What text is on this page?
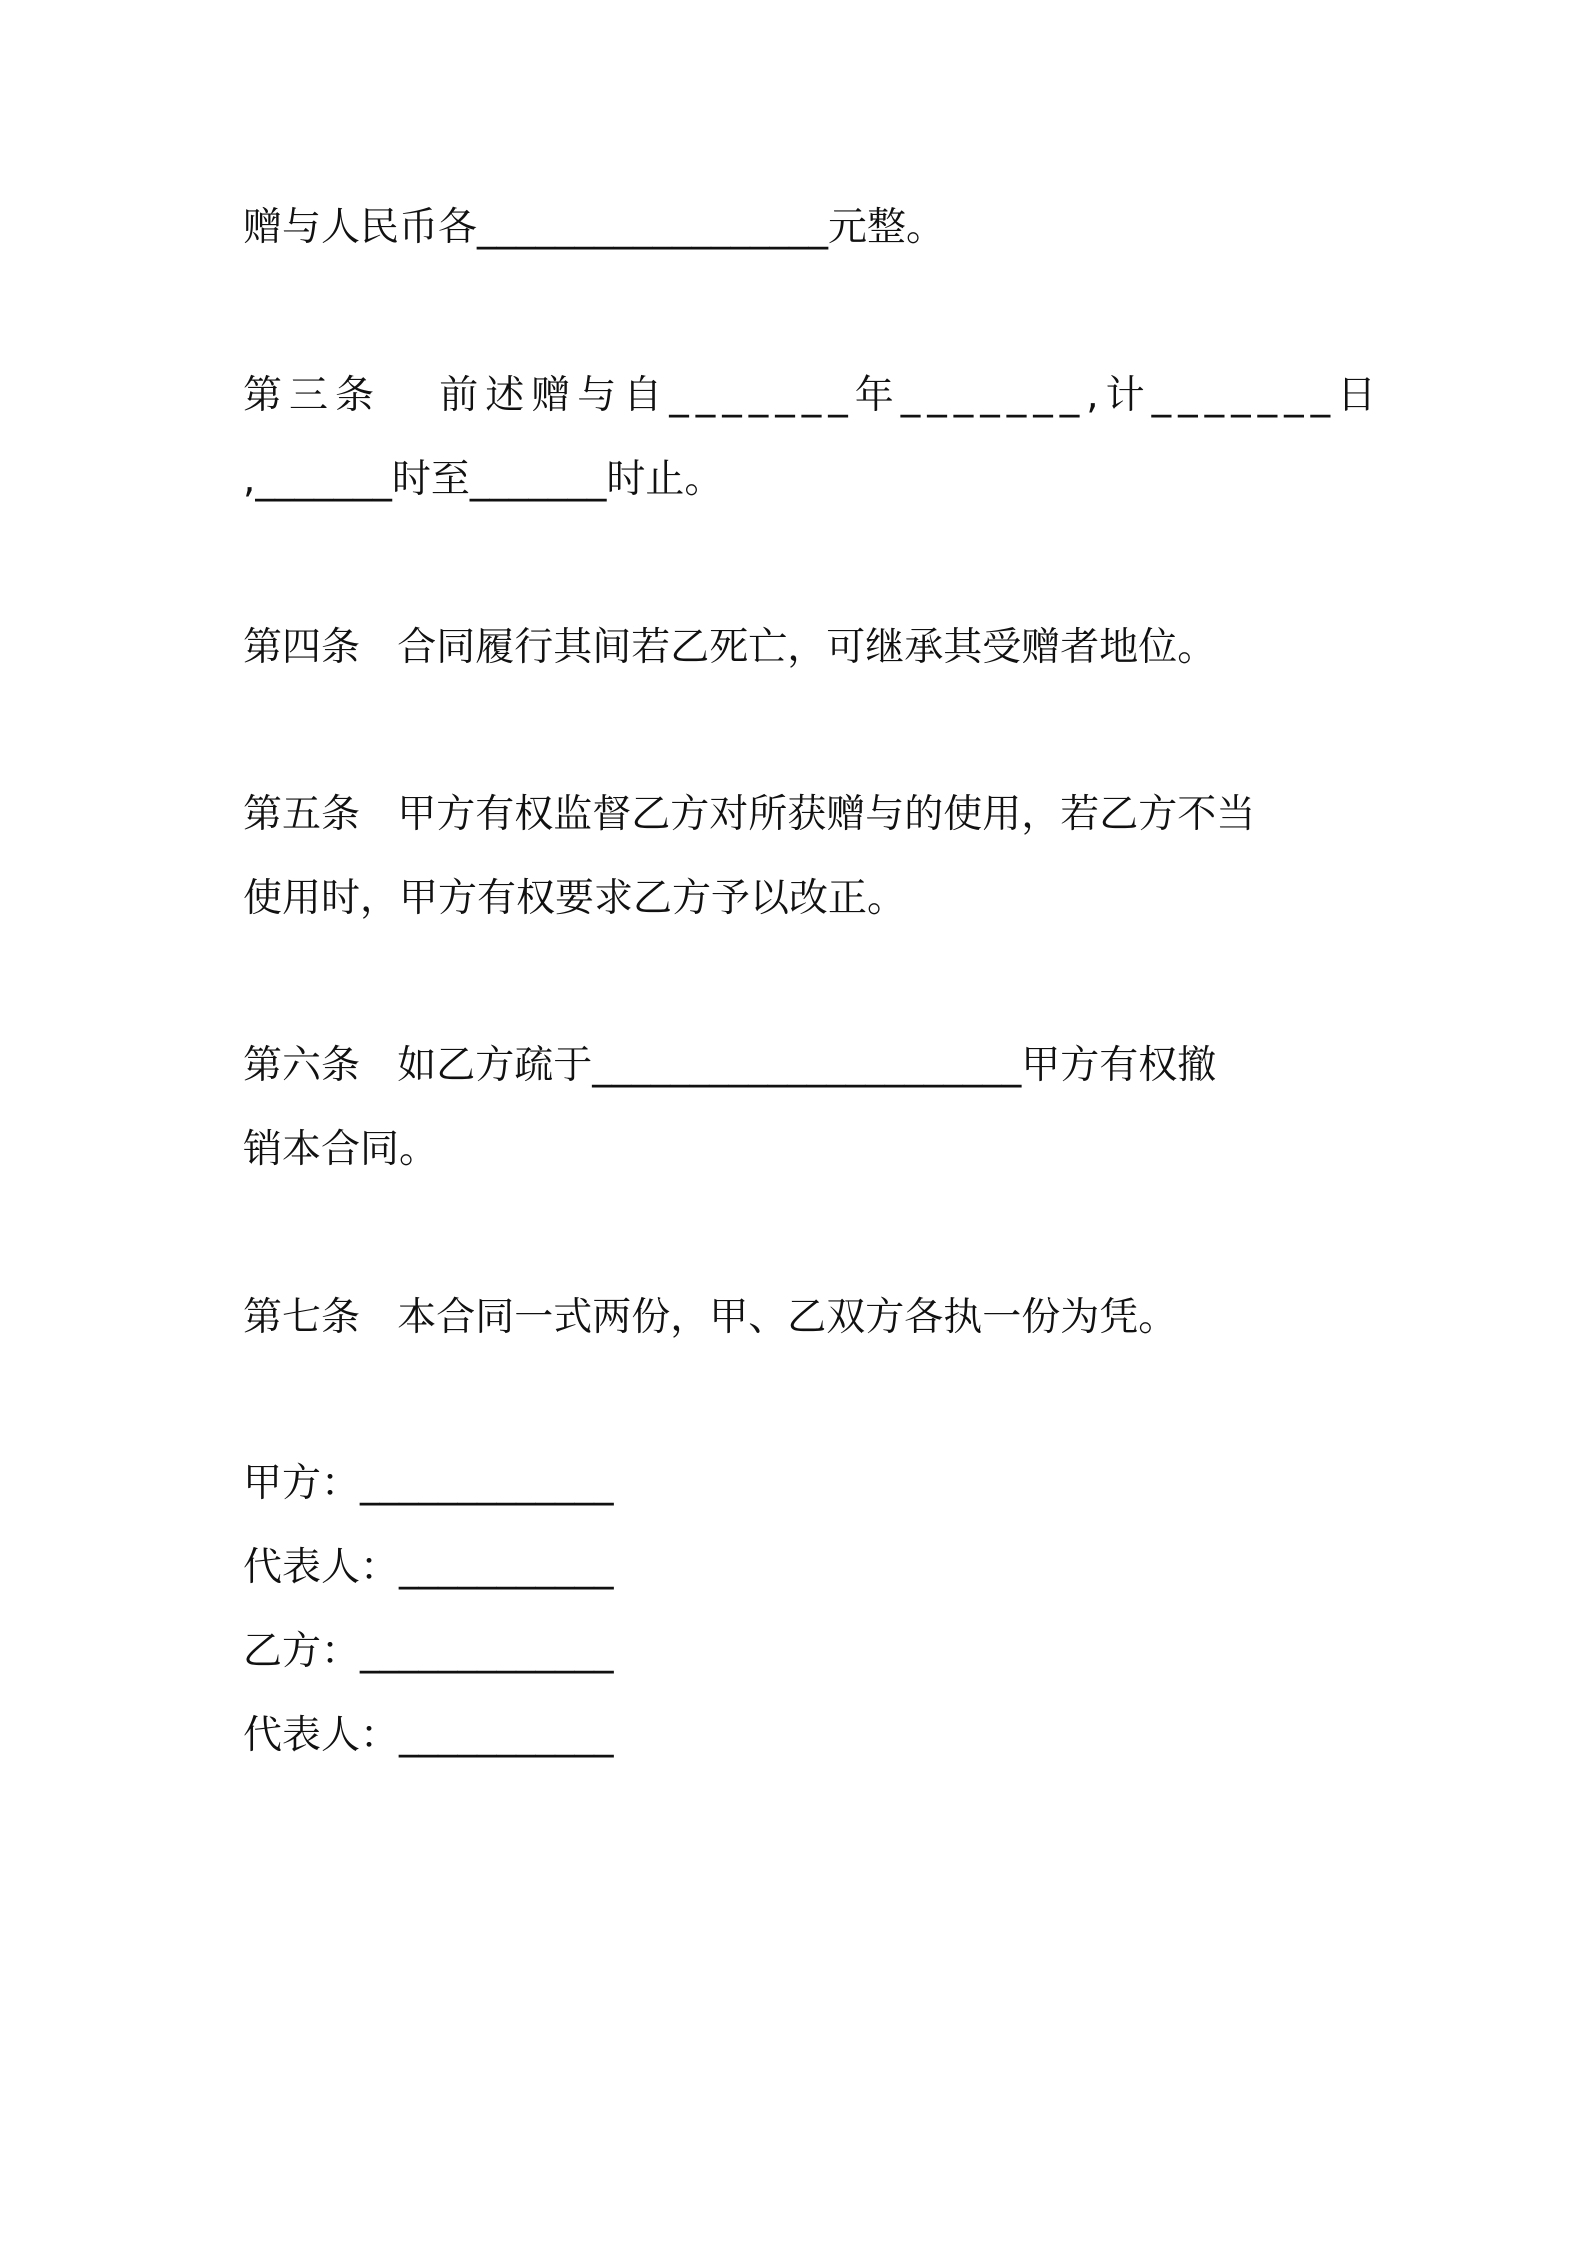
赠与人民币各__________________元整。
第三条   前述赠与自_______年_______,计_______日
,_______时至_______时止。
第四条   合同履行其间若乙死亡，可继承其受赠者地位。
第五条   甲方有权监督乙方对所获赠与的使用，若乙方不当
使用时，甲方有权要求乙方予以改正。
第六条   如乙方疏于______________________甲方有权撤
销本合同。
第七条   本合同一式两份，甲、乙双方各执一份为凭。
甲方：_____________
代表人：___________
乙方：_____________
代表人：___________
